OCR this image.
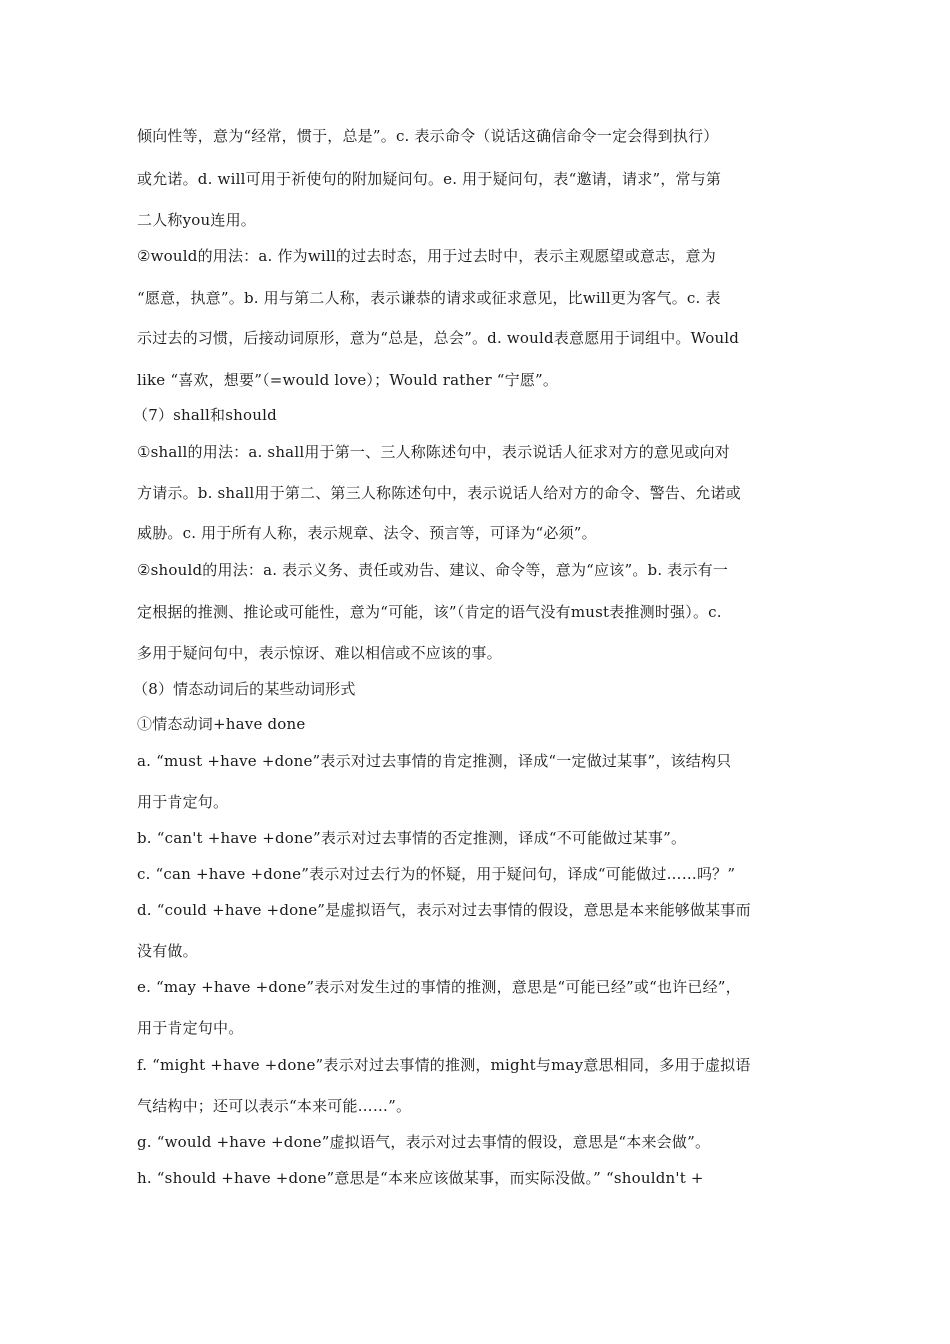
倾向性等，意为“经常，惯于，总是”。c. 表示命令（说话这确信命令一定会得到执行）
或允诺。d. will可用于祈使句的附加疑问句。e. 用于疑问句，表“邀请，请求”，常与第
二人称you连用。
②would的用法：a. 作为will的过去时态，用于过去时中，表示主观愿望或意志，意为
“愿意，执意”。b. 用与第二人称，表示谦恭的请求或征求意见，比will更为客气。c. 表
示过去的习惯，后接动词原形，意为“总是，总会”。d. would表意愿用于词组中。Would
like “喜欢，想要”（=would love）；Would rather “宁愿”。
（7）shall和should
①shall的用法：a. shall用于第一、三人称陈述句中，表示说话人征求对方的意见或向对
方请示。b. shall用于第二、第三人称陈述句中，表示说话人给对方的命令、警告、允诺或
威胁。c. 用于所有人称，表示规章、法令、预言等，可译为“必须”。
②should的用法：a. 表示义务、责任或劝告、建议、命令等，意为“应该”。b. 表示有一
定根据的推测、推论或可能性，意为“可能，该”（肯定的语气没有must表推测时强）。c.
多用于疑问句中，表示惊讶、难以相信或不应该的事。
（8）情态动词后的某些动词形式
①情态动词+have done
a. “must +have +done”表示对过去事情的肯定推测，译成“一定做过某事”，该结构只
用于肯定句。
b. “can't +have +done”表示对过去事情的否定推测，译成“不可能做过某事”。
c. “can +have +done”表示对过去行为的怀疑，用于疑问句，译成“可能做过……吗？”
d. “could +have +done”是虚拟语气，表示对过去事情的假设，意思是本来能够做某事而
没有做。
e. “may +have +done”表示对发生过的事情的推测，意思是“可能已经”或“也许已经”，
用于肯定句中。
f. “might +have +done”表示对过去事情的推测，might与may意思相同，多用于虚拟语
气结构中；还可以表示“本来可能……”。
g. “would +have +done”虚拟语气，表示对过去事情的假设，意思是“本来会做”。
h. “should +have +done”意思是“本来应该做某事，而实际没做。” “shouldn't +
